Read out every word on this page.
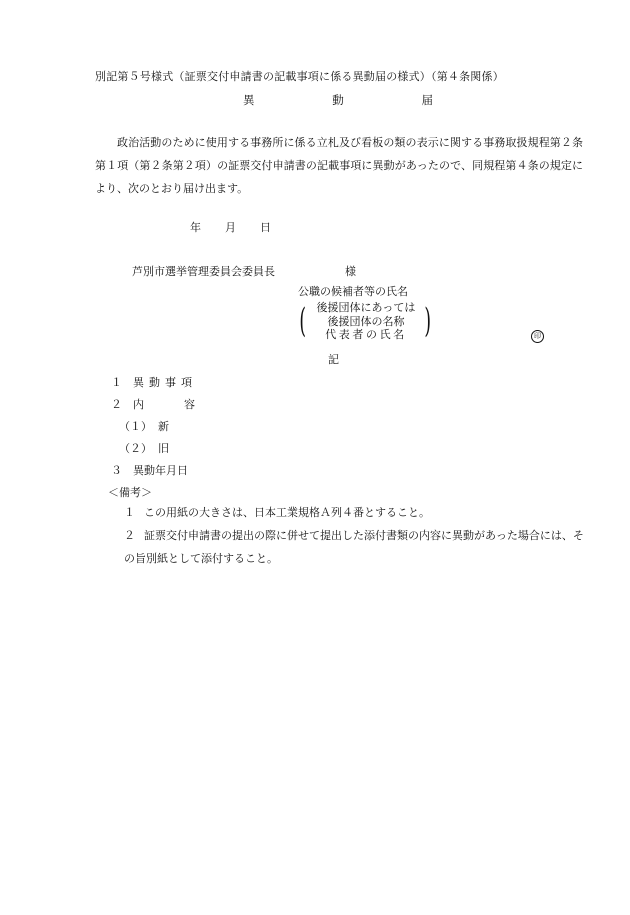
別記第５号様式（証票交付申請書の記載事項に係る異動届の様式）（第４条関係）
異	動	届
政治活動のために使用する事務所に係る立札及び看板の類の表示に関する事務取扱規程第２条第１項（第２条第２項）の証票交付申請書の記載事項に異動があったので、同規程第４条の規定により、次のとおり届け出ます。
年 月 日
芦別市選挙管理委員会委員長	様
公職の候補者等の氏名
( 後援団体にあっては
後援団体の名称
代表者の氏名 )	印
記
１ 異動事項
２ 内	容
（１） 新
（２） 旧
３ 異動年月日
＜備考＞
１ この用紙の大きさは、日本工業規格Ａ列４番とすること。
２ 証票交付申請書の提出の際に併せて提出した添付書類の内容に異動があった場合には、その旨別紙として添付すること。
